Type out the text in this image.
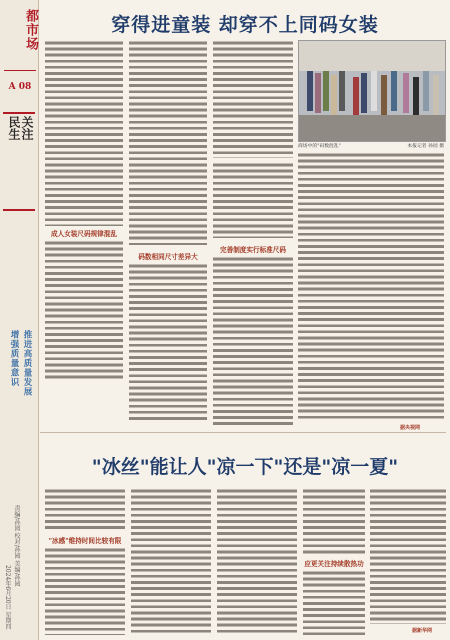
都市场
A 08
民生 关注
增强质量意识 推进高质量发展
责编/孙园 校对/孙园 美编/孙园
2024年6月20日 星期四
穿得进童装 却穿不上同码女装
成人女装尺码规律混乱
码数相同尺寸差异大
完善制度实行标准尺码
商场中的"码数混乱"	本报记者 孙园 摄
据央视网
"冰丝"能让人"凉一下"还是"凉一夏"
"冰感"维持时间比较有限
应更关注持续散热功
据新华网
